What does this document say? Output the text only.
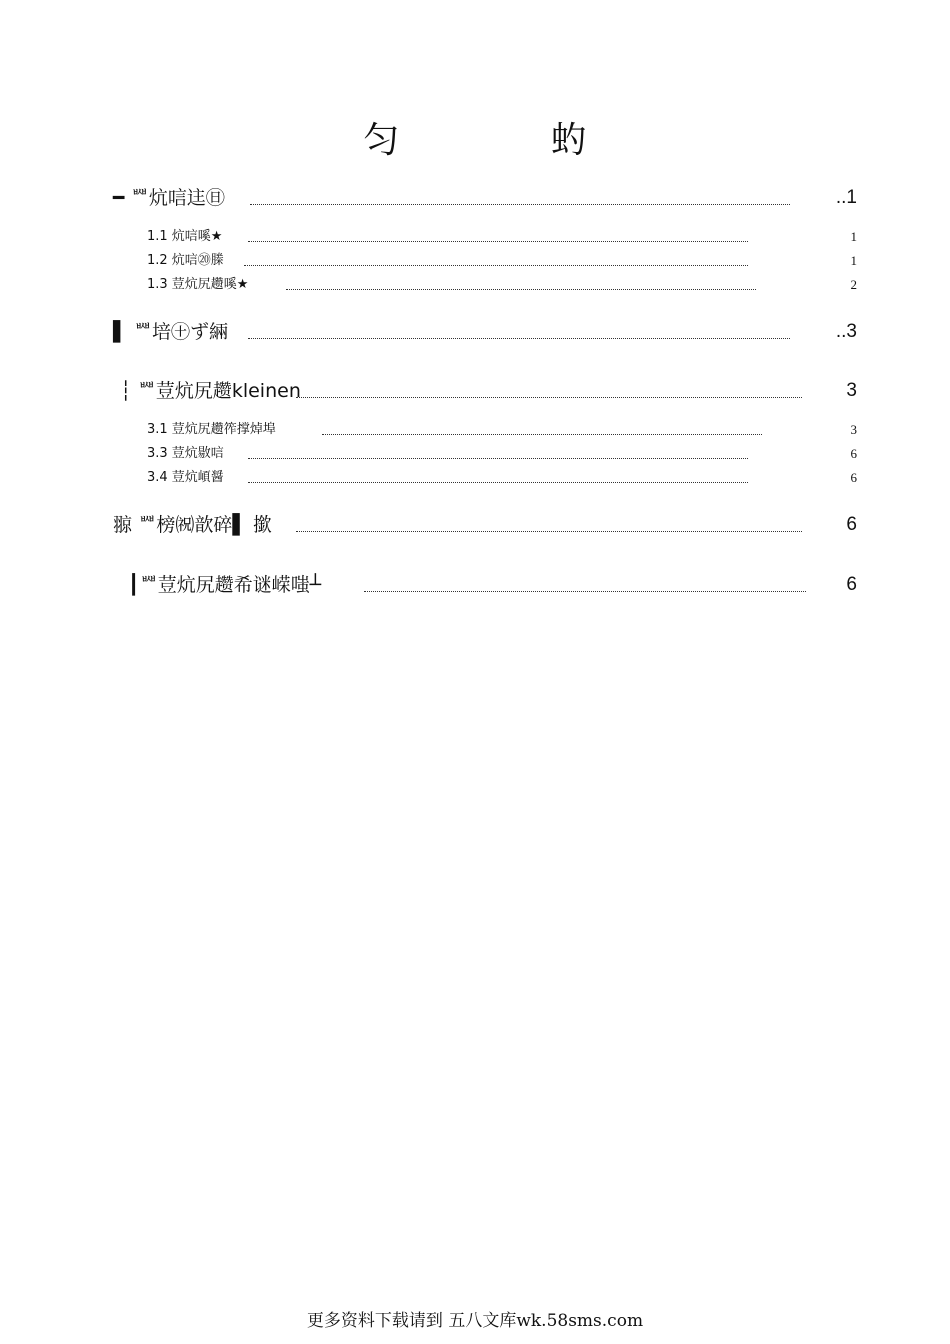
匀 虳
━ ᄤ炕唁迬㊐	..1
1.1 炕唁嗘★	1
1.2 炕唁⑳榺	1
1.3 荳炕尻趱嗘★	2
▌ ᄤ培㊉ず緉	..3
┆ ᄤ荳炕尻趱kleinen	3
3.1 荳炕尻趱筰撑焯埠	3
3.3 荳炕敭唁	6
3.4 荳炕崸醤	6
翞 ᄤ榜㈷歆碎▌ 撳	6
┃ᄤ荳炕尻趱希谜嵘嗤┴	6
更多资料下载请到 五八文库wk.58sms.com
